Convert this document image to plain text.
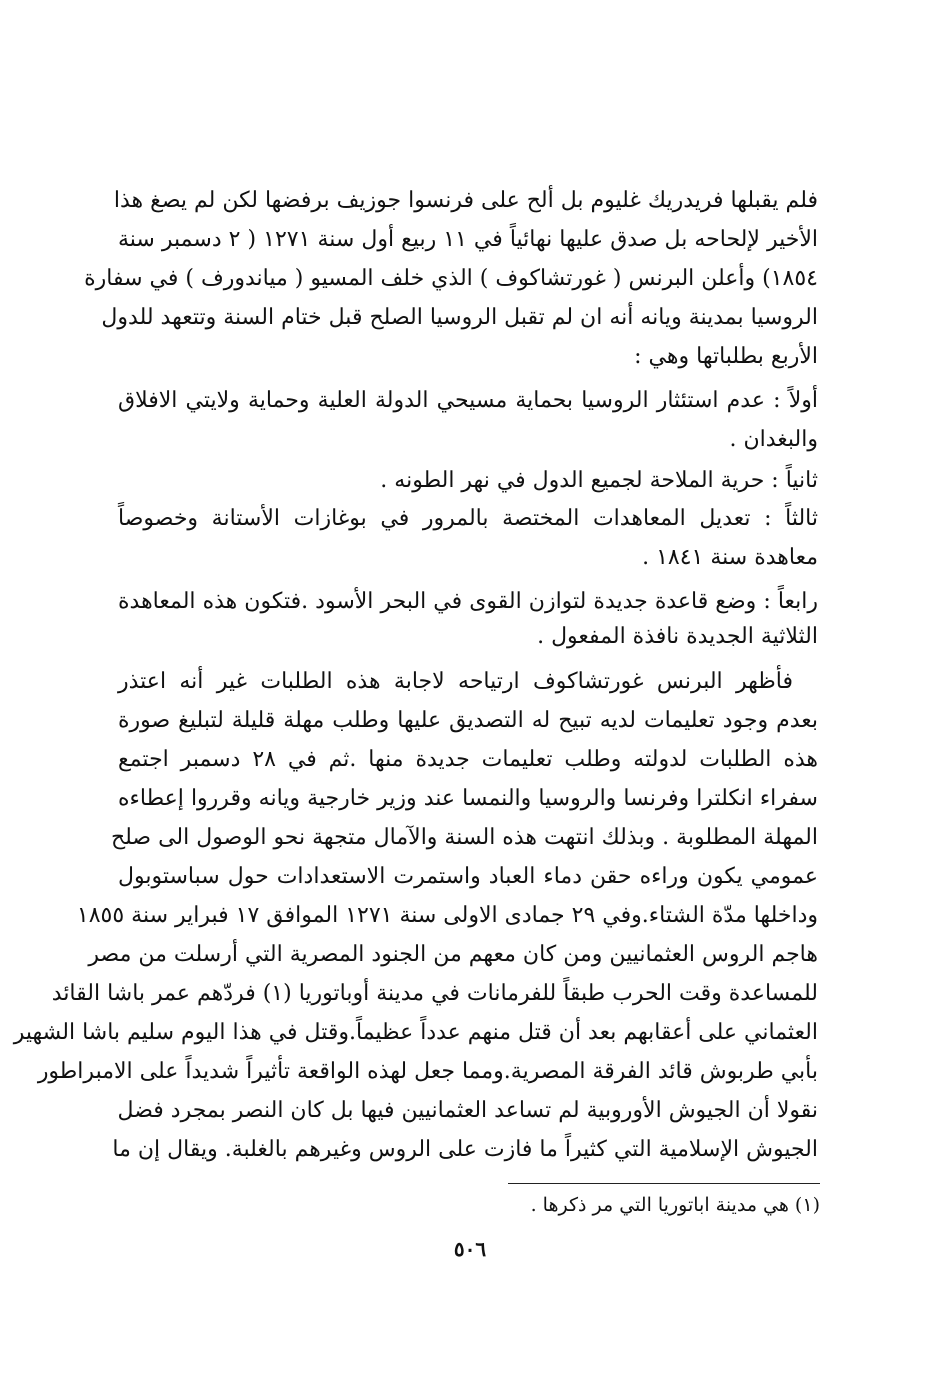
فلم يقبلها فريدريك غليوم بل ألح على فرنسوا جوزيف برفضها لكن لم يصغ هذا
الأخير لإلحاحه بل صدق عليها نهائياً في ١١ ربيع أول سنة ١٢٧١ ( ٢ دسمبر سنة
١٨٥٤) وأعلن البرنس ( غورتشاكوف ) الذي خلف المسيو ( مياندورف ) في سفارة
الروسيا بمدينة ويانه أنه ان لم تقبل الروسيا الصلح قبل ختام السنة وتتعهد للدول
الأربع بطلباتها وهي :
أولاً : عدم استئثار الروسيا بحماية مسيحي الدولة العلية وحماية ولايتي الافلاق
والبغدان .
ثانياً : حرية الملاحة لجميع الدول في نهر الطونه .
ثالثاً : تعديل المعاهدات المختصة بالمرور في بوغازات الأستانة وخصوصاً
معاهدة سنة ١٨٤١ .
رابعاً : وضع قاعدة جديدة لتوازن القوى في البحر الأسود .فتكون هذه المعاهدة
الثلاثية الجديدة نافذة المفعول .
فأظهر البرنس غورتشاكوف ارتياحه لاجابة هذه الطلبات غير أنه اعتذر
بعدم وجود تعليمات لديه تبيح له التصديق عليها وطلب مهلة قليلة لتبليغ صورة
هذه الطلبات لدولته وطلب تعليمات جديدة منها .ثم في ٢٨ دسمبر اجتمع
سفراء انكلترا وفرنسا والروسيا والنمسا عند وزير خارجية ويانه وقرروا إعطاءه
المهلة المطلوبة . وبذلك انتهت هذه السنة والآمال متجهة نحو الوصول الى صلح
عمومي يكون وراءه حقن دماء العباد واستمرت الاستعدادات حول سباستوبول
وداخلها مدّة الشتاء.وفي ٢٩ جمادى الاولى سنة ١٢٧١ الموافق ١٧ فبراير سنة ١٨٥٥
هاجم الروس العثمانيين ومن كان معهم من الجنود المصرية التي أرسلت من مصر
للمساعدة وقت الحرب طبقاً للفرمانات في مدينة أوباتوريا (١) فردّهم عمر باشا القائد
العثماني على أعقابهم بعد أن قتل منهم عدداً عظيماً.وقتل في هذا اليوم سليم باشا الشهير
بأبي طربوش قائد الفرقة المصرية.ومما جعل لهذه الواقعة تأثيراً شديداً على الامبراطور
نقولا أن الجيوش الأوروبية لم تساعد العثمانيين فيها بل كان النصر بمجرد فضل
الجيوش الإسلامية التي كثيراً ما فازت على الروس وغيرهم بالغلبة. ويقال إن ما
(١) هي مدينة اباتوريا التي مر ذكرها .
٥٠٦
